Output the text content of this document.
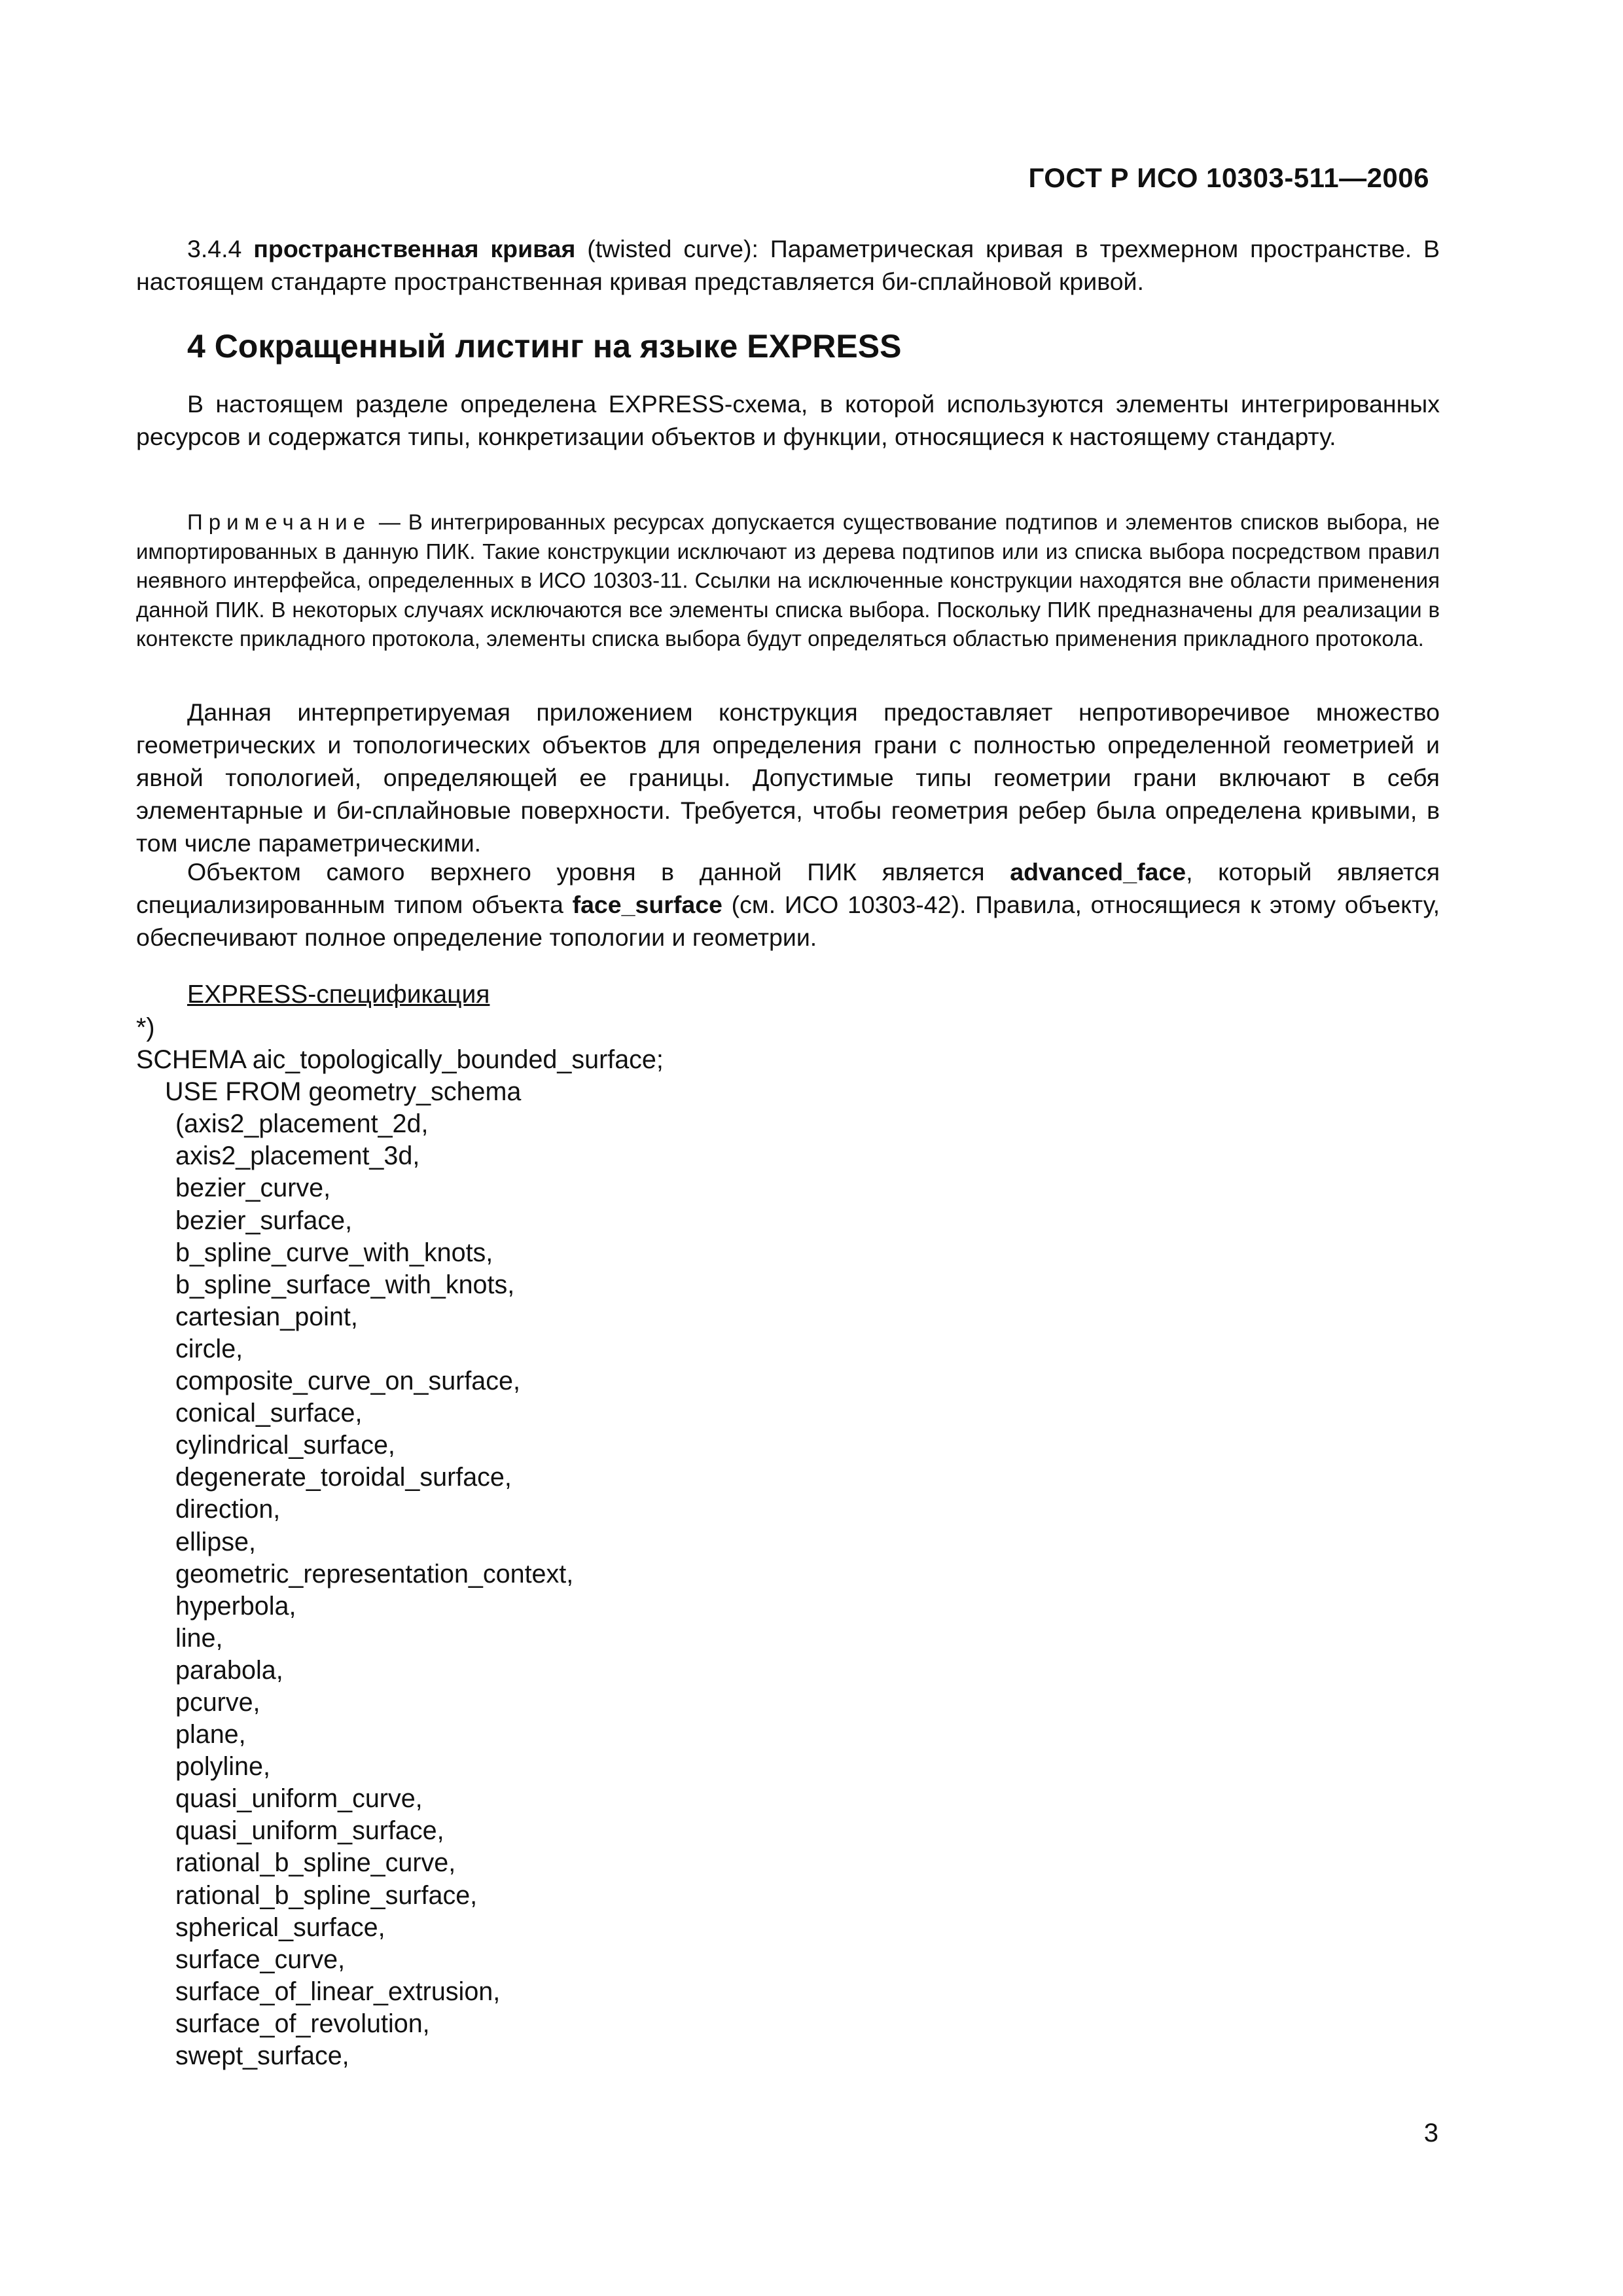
ГОСТ Р ИСО 10303-511—2006
3.4.4 пространственная кривая (twisted curve): Параметрическая кривая в трехмерном пространстве. В настоящем стандарте пространственная кривая представляется би-сплайновой кривой.
4 Сокращенный листинг на языке EXPRESS
В настоящем разделе определена EXPRESS-схема, в которой используются элементы интегрированных ресурсов и содержатся типы, конкретизации объектов и функции, относящиеся к настоящему стандарту.
Примечание — В интегрированных ресурсах допускается существование подтипов и элементов списков выбора, не импортированных в данную ПИК. Такие конструкции исключают из дерева подтипов или из списка выбора посредством правил неявного интерфейса, определенных в ИСО 10303-11. Ссылки на исключенные конструкции находятся вне области применения данной ПИК. В некоторых случаях исключаются все элементы списка выбора. Поскольку ПИК предназначены для реализации в контексте прикладного протокола, элементы списка выбора будут определяться областью применения прикладного протокола.
Данная интерпретируемая приложением конструкция предоставляет непротиворечивое множество геометрических и топологических объектов для определения грани с полностью определенной геометрией и явной топологией, определяющей ее границы. Допустимые типы геометрии грани включают в себя элементарные и би-сплайновые поверхности. Требуется, чтобы геометрия ребер была определена кривыми, в том числе параметрическими.
Объектом самого верхнего уровня в данной ПИК является advanced_face, который является специализированным типом объекта face_surface (см. ИСО 10303-42). Правила, относящиеся к этому объекту, обеспечивают полное определение топологии и геометрии.
EXPRESS-спецификация
*)
SCHEMA aic_topologically_bounded_surface;
USE FROM geometry_schema
(axis2_placement_2d,
axis2_placement_3d,
bezier_curve,
bezier_surface,
b_spline_curve_with_knots,
b_spline_surface_with_knots,
cartesian_point,
circle,
composite_curve_on_surface,
conical_surface,
cylindrical_surface,
degenerate_toroidal_surface,
direction,
ellipse,
geometric_representation_context,
hyperbola,
line,
parabola,
pcurve,
plane,
polyline,
quasi_uniform_curve,
quasi_uniform_surface,
rational_b_spline_curve,
rational_b_spline_surface,
spherical_surface,
surface_curve,
surface_of_linear_extrusion,
surface_of_revolution,
swept_surface,
3
